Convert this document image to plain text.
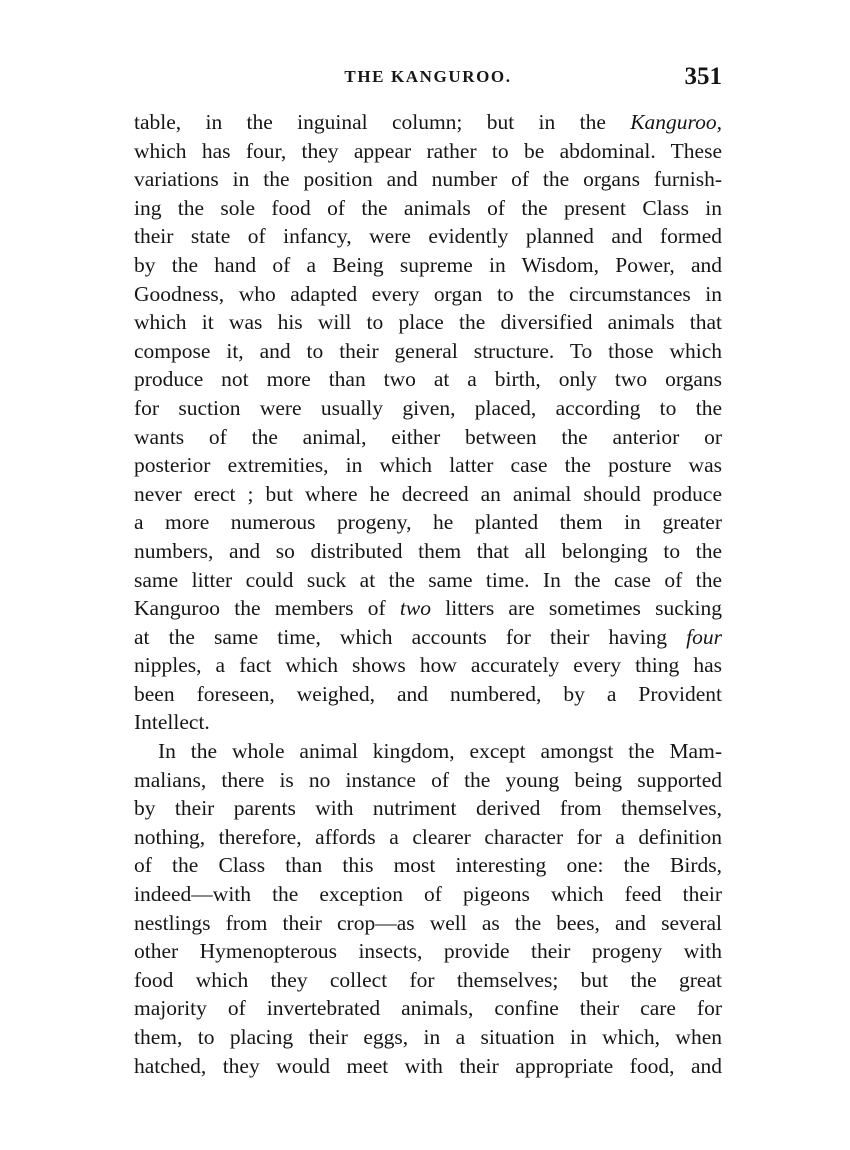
THE KANGUROO.	351
table, in the inguinal column; but in the Kanguroo,
which has four, they appear rather to be abdominal. These
variations in the position and number of the organs furnish-
ing the sole food of the animals of the present Class in
their state of infancy, were evidently planned and formed
by the hand of a Being supreme in Wisdom, Power, and
Goodness, who adapted every organ to the circumstances in
which it was his will to place the diversified animals that
compose it, and to their general structure. To those which
produce not more than two at a birth, only two organs
for suction were usually given, placed, according to the
wants of the animal, either between the anterior or
posterior extremities, in which latter case the posture was
never erect ; but where he decreed an animal should produce
a more numerous progeny, he planted them in greater
numbers, and so distributed them that all belonging to the
same litter could suck at the same time. In the case of the
Kanguroo the members of two litters are sometimes sucking
at the same time, which accounts for their having four
nipples, a fact which shows how accurately every thing has
been foreseen, weighed, and numbered, by a Provident
Intellect.
In the whole animal kingdom, except amongst the Mam-
malians, there is no instance of the young being supported
by their parents with nutriment derived from themselves,
nothing, therefore, affords a clearer character for a definition
of the Class than this most interesting one: the Birds,
indeed—with the exception of pigeons which feed their
nestlings from their crop—as well as the bees, and several
other Hymenopterous insects, provide their progeny with
food which they collect for themselves; but the great
majority of invertebrated animals, confine their care for
them, to placing their eggs, in a situation in which, when
hatched, they would meet with their appropriate food, and
